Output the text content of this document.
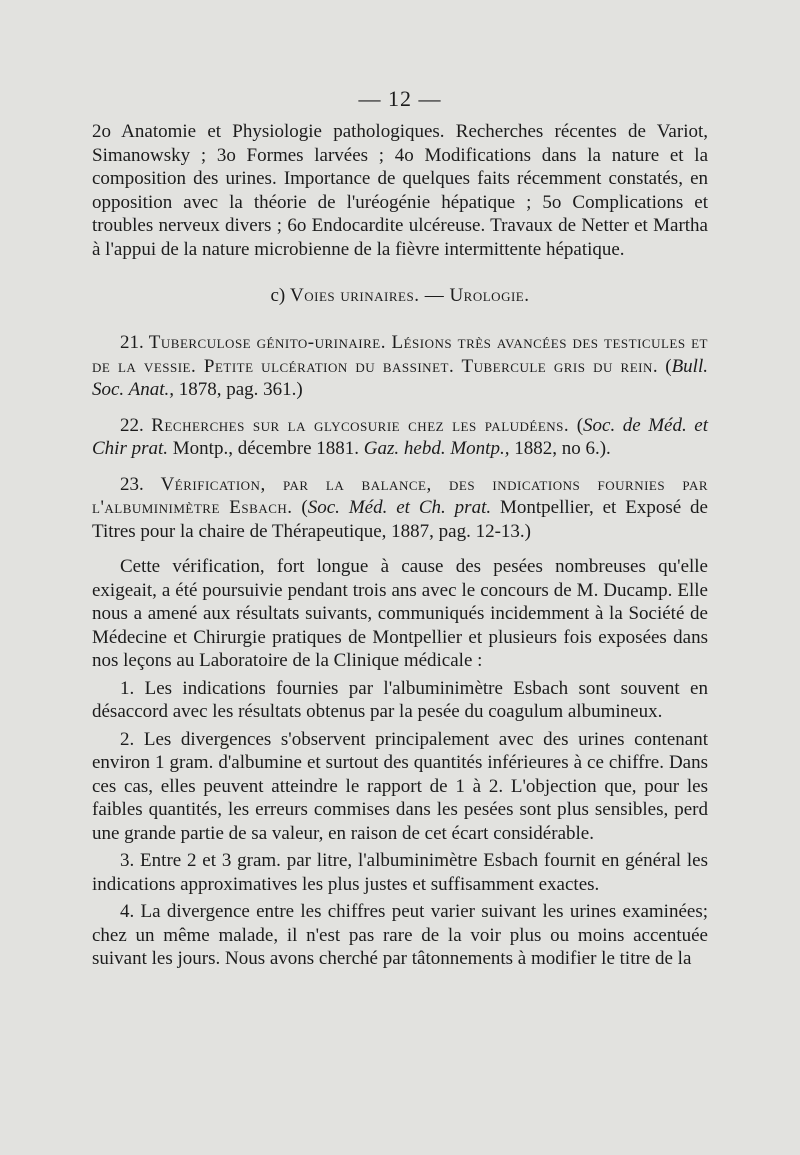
— 12 —

2o Anatomie et Physiologie pathologiques. Recherches récentes de Variot, Simanowsky ; 3o Formes larvées ; 4o Modifications dans la nature et la composition des urines. Importance de quelques faits récemment constatés, en opposition avec la théorie de l'uréogénie hépatique ; 5o Complications et troubles nerveux divers ; 6o Endocardite ulcéreuse. Travaux de Netter et Martha à l'appui de la nature microbienne de la fièvre intermittente hépatique.

c) Voies urinaires. — Urologie.

21. Tuberculose génito-urinaire. Lésions très avancées des testicules et de la vessie. Petite ulcération du bassinet. Tubercule gris du rein. (Bull. Soc. Anat., 1878, pag. 361.)

22. Recherches sur la glycosurie chez les paludéens. (Soc. de Méd. et Chir prat. Montp., décembre 1881. Gaz. hebd. Montp., 1882, no 6.).

23. Vérification, par la balance, des indications fournies par l'albuminimètre Esbach. (Soc. Méd. et Ch. prat. Montpellier, et Exposé de Titres pour la chaire de Thérapeutique, 1887, pag. 12-13.)

Cette vérification, fort longue à cause des pesées nombreuses qu'elle exigeait, a été poursuivie pendant trois ans avec le concours de M. Ducamp. Elle nous a amené aux résultats suivants, communiqués incidemment à la Société de Médecine et Chirurgie pratiques de Montpellier et plusieurs fois exposées dans nos leçons au Laboratoire de la Clinique médicale :

1. Les indications fournies par l'albuminimètre Esbach sont souvent en désaccord avec les résultats obtenus par la pesée du coagulum albumineux.

2. Les divergences s'observent principalement avec des urines contenant environ 1 gram. d'albumine et surtout des quantités inférieures à ce chiffre. Dans ces cas, elles peuvent atteindre le rapport de 1 à 2. L'objection que, pour les faibles quantités, les erreurs commises dans les pesées sont plus sensibles, perd une grande partie de sa valeur, en raison de cet écart considérable.

3. Entre 2 et 3 gram. par litre, l'albuminimètre Esbach fournit en général les indications approximatives les plus justes et suffisamment exactes.

4. La divergence entre les chiffres peut varier suivant les urines examinées; chez un même malade, il n'est pas rare de la voir plus ou moins accentuée suivant les jours. Nous avons cherché par tâtonnements à modifier le titre de la
